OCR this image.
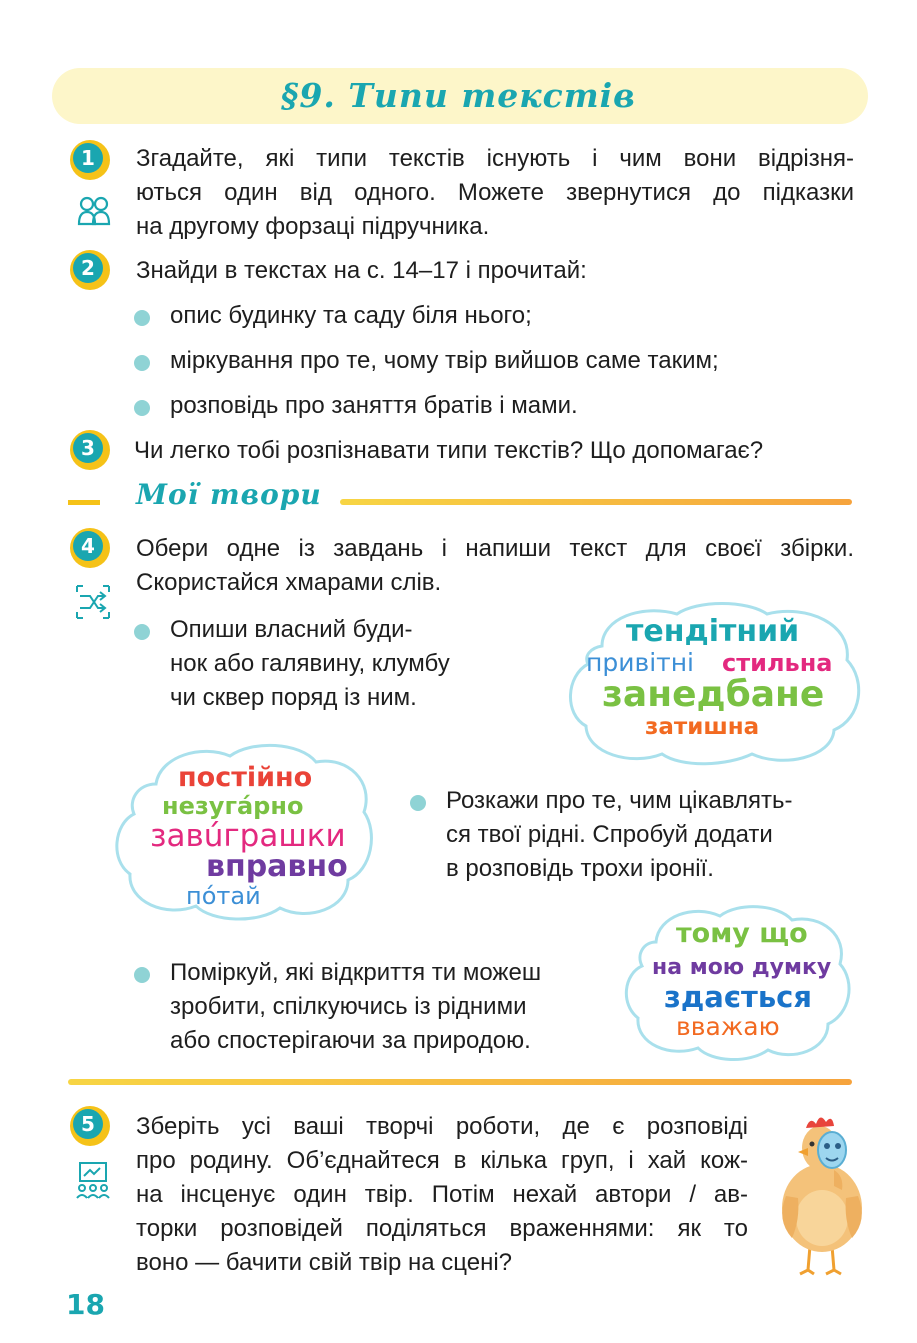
§9. Типи текстів
1	Згадайте, які типи текстів існують і чим вони відрізня-
ються один від одного. Можете звернутися до підказки
на другому форзаці підручника.
2	Знайди в текстах на с. 14–17 і прочитай:
опис будинку та саду біля нього;
міркування про те, чому твір вийшов саме таким;
розповідь про заняття братів і мами.
3	Чи легко тобі розпізнавати типи текстів? Що допомагає?
Мої твори
4	Обери одне із завдань і напиши текст для своєї збірки.
Скористайся хмарами слів.
Опиши власний буди-
нок або галявину, клумбу
чи сквер поряд із ним.
тендітний
привітні стильна
занедбане
затишна
постійно
незугáрно
завúграшки
вправно
пóтай
Розкажи про те, чим цікавлять-
ся твої рідні. Спробуй додати
в розповідь трохи іронії.
тому що
на мою думку
здається
вважаю
Поміркуй, які відкриття ти можеш
зробити, спілкуючись із рідними
або спостерігаючи за природою.
5	Зберіть усі ваші творчі роботи, де є розповіді
про родину. Об’єднайтеся в кілька груп, і хай кож-
на інсценує один твір. Потім нехай автори / ав-
торки розповідей поділяться враженнями: як то
воно — бачити свій твір на сцені?
18
